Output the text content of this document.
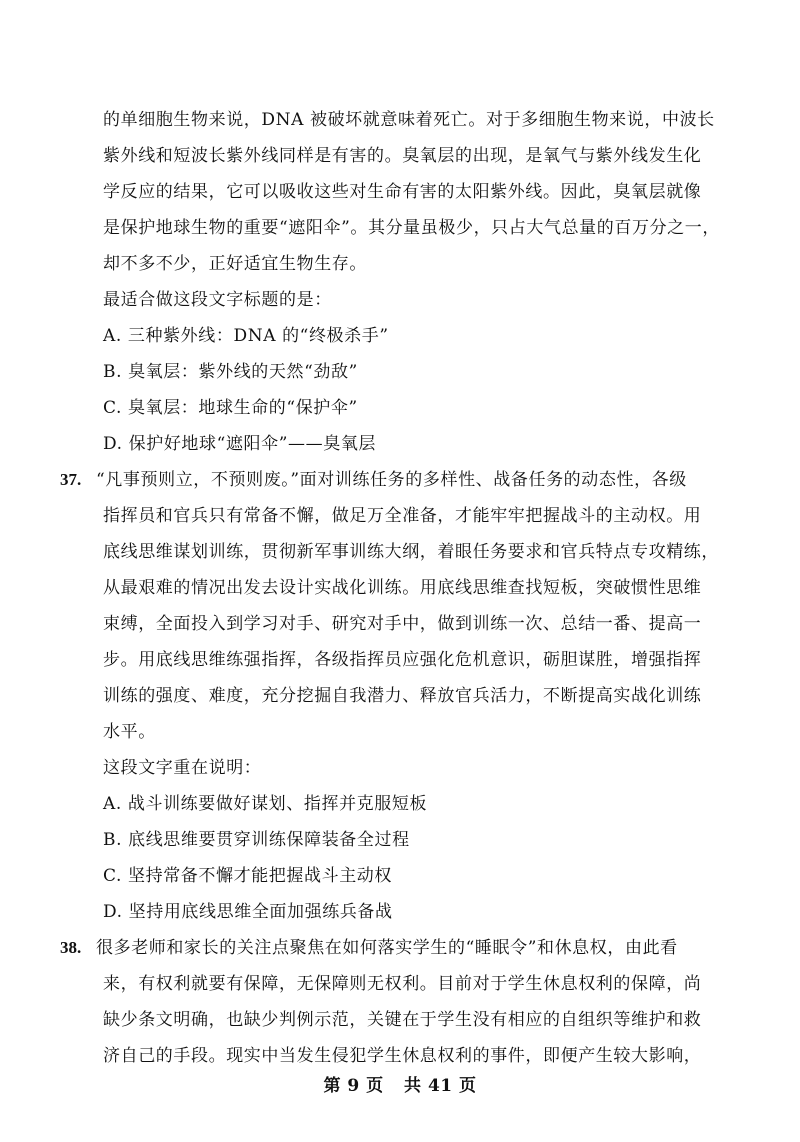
的单细胞生物来说，DNA 被破坏就意味着死亡。对于多细胞生物来说，中波长
紫外线和短波长紫外线同样是有害的。臭氧层的出现，是氧气与紫外线发生化
学反应的结果，它可以吸收这些对生命有害的太阳紫外线。因此，臭氧层就像
是保护地球生物的重要“遮阳伞”。其分量虽极少，只占大气总量的百万分之一，
却不多不少，正好适宜生物生存。
最适合做这段文字标题的是：
A. 三种紫外线：DNA 的“终极杀手”
B. 臭氧层：紫外线的天然“劲敌”
C. 臭氧层：地球生命的“保护伞”
D. 保护好地球“遮阳伞”——臭氧层
37. “凡事预则立，不预则废。”面对训练任务的多样性、战备任务的动态性，各级
指挥员和官兵只有常备不懈，做足万全准备，才能牢牢把握战斗的主动权。用
底线思维谋划训练，贯彻新军事训练大纲，着眼任务要求和官兵特点专攻精练，
从最艰难的情况出发去设计实战化训练。用底线思维查找短板，突破惯性思维
束缚，全面投入到学习对手、研究对手中，做到训练一次、总结一番、提高一
步。用底线思维练强指挥，各级指挥员应强化危机意识，砺胆谋胜，增强指挥
训练的强度、难度，充分挖掘自我潜力、释放官兵活力，不断提高实战化训练
水平。
这段文字重在说明：
A. 战斗训练要做好谋划、指挥并克服短板
B. 底线思维要贯穿训练保障装备全过程
C. 坚持常备不懈才能把握战斗主动权
D. 坚持用底线思维全面加强练兵备战
38. 很多老师和家长的关注点聚焦在如何落实学生的“睡眠令”和休息权，由此看
来，有权利就要有保障，无保障则无权利。目前对于学生休息权利的保障，尚
缺少条文明确，也缺少判例示范，关键在于学生没有相应的自组织等维护和救
济自己的手段。现实中当发生侵犯学生休息权利的事件，即便产生较大影响，
第 9 页 共 41 页
